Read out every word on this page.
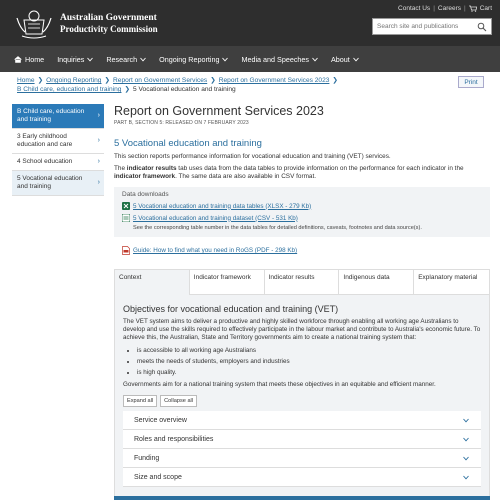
Australian Government
Productivity Commission
Contact Us | Careers | Cart
Search site and publications
Home Inquiries	Research	Ongoing Reporting	Media and Speeches	About
Home ❯ Ongoing Reporting ❯ Report on Government Services ❯ Report on Government Services 2023 ❯
B Child care, education and training ❯ 5 Vocational education and training
Print
B Child care, education and training
›
3 Early childhood education and care
›
4 School education	›
5 Vocational education and training
›
Report on Government Services 2023
PART B, SECTION 5: RELEASED ON 7 FEBRUARY 2023
5 Vocational education and training
This section reports performance information for vocational education and training (VET) services.
The indicator results tab uses data from the data tables to provide information on the performance for each indicator in the indicator framework. The same data are also available in CSV format.
Data downloads
5 Vocational education and training data tables (XLSX - 279 Kb)
5 Vocational education and training dataset (CSV - 531 Kb)
See the corresponding table number in the data tables for detailed definitions, caveats, footnotes and data source(s).
Guide: How to find what you need in RoGS (PDF - 298 Kb)
Context	Indicator framework	Indicator results	Indigenous data	Explanatory material
Objectives for vocational education and training (VET)
The VET system aims to deliver a productive and highly skilled workforce through enabling all working age Australians to develop and use the skills required to effectively participate in the labour market and contribute to Australia's economic future. To achieve this, the Australian, State and Territory governments aim to create a national training system that:
• is accessible to all working age Australians
• meets the needs of students, employers and industries
• is high quality.
Governments aim for a national training system that meets these objectives in an equitable and efficient manner.
Expand all	Collapse all
Service overview
Roles and responsibilities
Funding
Size and scope
